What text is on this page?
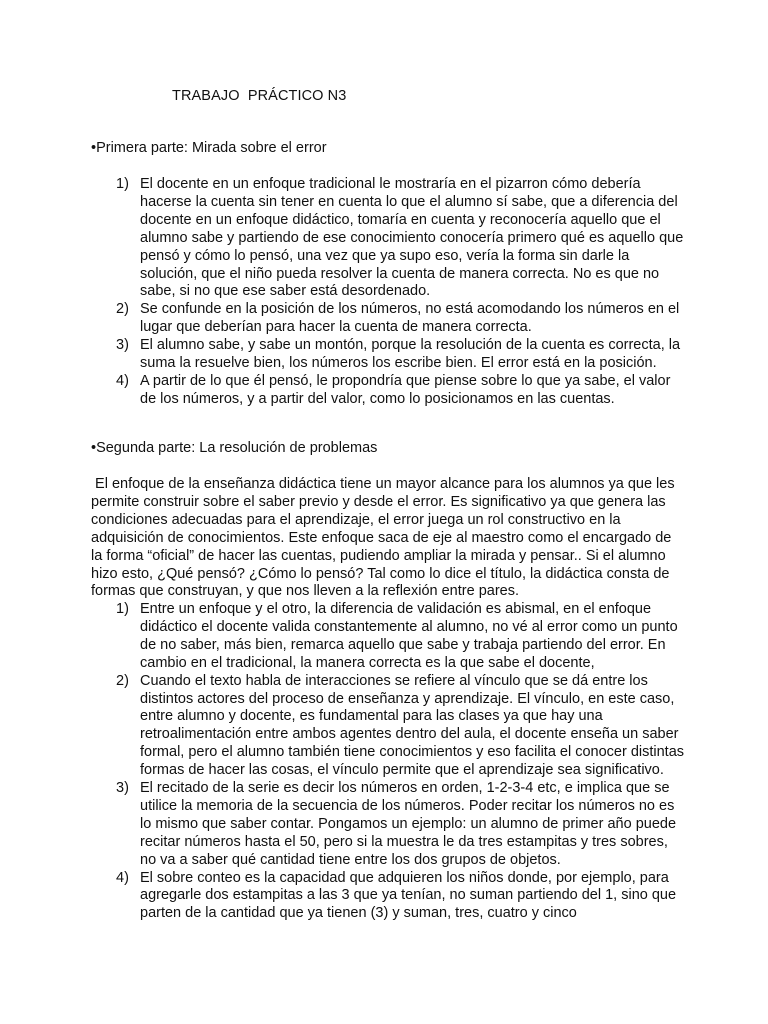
TRABAJO  PRÁCTICO N3
•Primera parte: Mirada sobre el error
1) El docente en un enfoque tradicional le mostraría en el pizarron cómo debería
hacerse la cuenta sin tener en cuenta lo que el alumno sí sabe, que a diferencia del
docente en un enfoque didáctico, tomaría en cuenta y reconocería aquello que el
alumno sabe y partiendo de ese conocimiento conocería primero qué es aquello que
pensó y cómo lo pensó, una vez que ya supo eso, vería la forma sin darle la
solución, que el niño pueda resolver la cuenta de manera correcta. No es que no
sabe, si no que ese saber está desordenado.
2) Se confunde en la posición de los números, no está acomodando los números en el
lugar que deberían para hacer la cuenta de manera correcta.
3) El alumno sabe, y sabe un montón, porque la resolución de la cuenta es correcta, la
suma la resuelve bien, los números los escribe bien. El error está en la posición.
4) A partir de lo que él pensó, le propondría que piense sobre lo que ya sabe, el valor
de los números, y a partir del valor, como lo posicionamos en las cuentas.
•Segunda parte: La resolución de problemas
El enfoque de la enseñanza didáctica tiene un mayor alcance para los alumnos ya que les
permite construir sobre el saber previo y desde el error. Es significativo ya que genera las
condiciones adecuadas para el aprendizaje, el error juega un rol constructivo en la
adquisición de conocimientos. Este enfoque saca de eje al maestro como el encargado de
la forma “oficial” de hacer las cuentas, pudiendo ampliar la mirada y pensar.. Si el alumno
hizo esto, ¿Qué pensó? ¿Cómo lo pensó? Tal como lo dice el título, la didáctica consta de
formas que construyan, y que nos lleven a la reflexión entre pares.
1) Entre un enfoque y el otro, la diferencia de validación es abismal, en el enfoque
didáctico el docente valida constantemente al alumno, no vé al error como un punto
de no saber, más bien, remarca aquello que sabe y trabaja partiendo del error. En
cambio en el tradicional, la manera correcta es la que sabe el docente,
2) Cuando el texto habla de interacciones se refiere al vínculo que se dá entre los
distintos actores del proceso de enseñanza y aprendizaje. El vínculo, en este caso,
entre alumno y docente, es fundamental para las clases ya que hay una
retroalimentación entre ambos agentes dentro del aula, el docente enseña un saber
formal, pero el alumno también tiene conocimientos y eso facilita el conocer distintas
formas de hacer las cosas, el vínculo permite que el aprendizaje sea significativo.
3) El recitado de la serie es decir los números en orden, 1-2-3-4 etc, e implica que se
utilice la memoria de la secuencia de los números. Poder recitar los números no es
lo mismo que saber contar. Pongamos un ejemplo: un alumno de primer año puede
recitar números hasta el 50, pero si la muestra le da tres estampitas y tres sobres,
no va a saber qué cantidad tiene entre los dos grupos de objetos.
4) El sobre conteo es la capacidad que adquieren los niños donde, por ejemplo, para
agregarle dos estampitas a las 3 que ya tenían, no suman partiendo del 1, sino que
parten de la cantidad que ya tienen (3) y suman, tres, cuatro y cinco
